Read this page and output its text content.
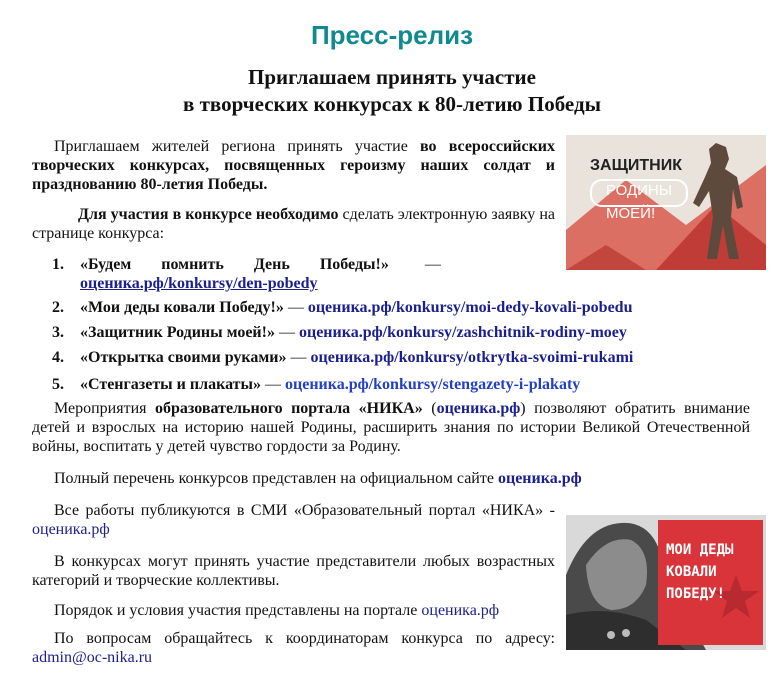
Пресс-релиз
Приглашаем принять участие
в творческих конкурсах к 80-летию Победы
Приглашаем жителей региона принять участие во всероссийских творческих конкурсах, посвященных героизму наших солдат и празднованию 80-летия Победы.
Для участия в конкурсе необходимо сделать электронную заявку на странице конкурса:
1. «Будем помнить День Победы!» —
оценика.рф/konkursy/den-pobedy
2. «Мои деды ковали Победу!» — оценика.рф/konkursy/moi-dedy-kovali-pobedu
3. «Защитник Родины моей!» — оценика.рф/konkursy/zashchitnik-rodiny-moey
4. «Открытка своими руками» — оценика.рф/konkursy/otkrytka-svoimi-rukami
5. «Стенгазеты и плакаты» — оценика.рф/konkursy/stengazety-i-plakaty
Мероприятия образовательного портала «НИКА» (оценика.рф) позволяют обратить внимание детей и взрослых на историю нашей Родины, расширить знания по истории Великой Отечественной войны, воспитать у детей чувство гордости за Родину.
Полный перечень конкурсов представлен на официальном сайте оценика.рф
Все работы публикуются в СМИ «Образовательный портал «НИКА» - оценика.рф
В конкурсах могут принять участие представители любых возрастных категорий и творческие коллективы.
Порядок и условия участия представлены на портале оценика.рф
По вопросам обращайтесь к координаторам конкурса по адресу: admin@oc-nika.ru
ЗАЩИТНИК
РОДИНЫ
МОЕЙ!
МОИ ДЕДЫ
КОВАЛИ
ПОБЕДУ!
